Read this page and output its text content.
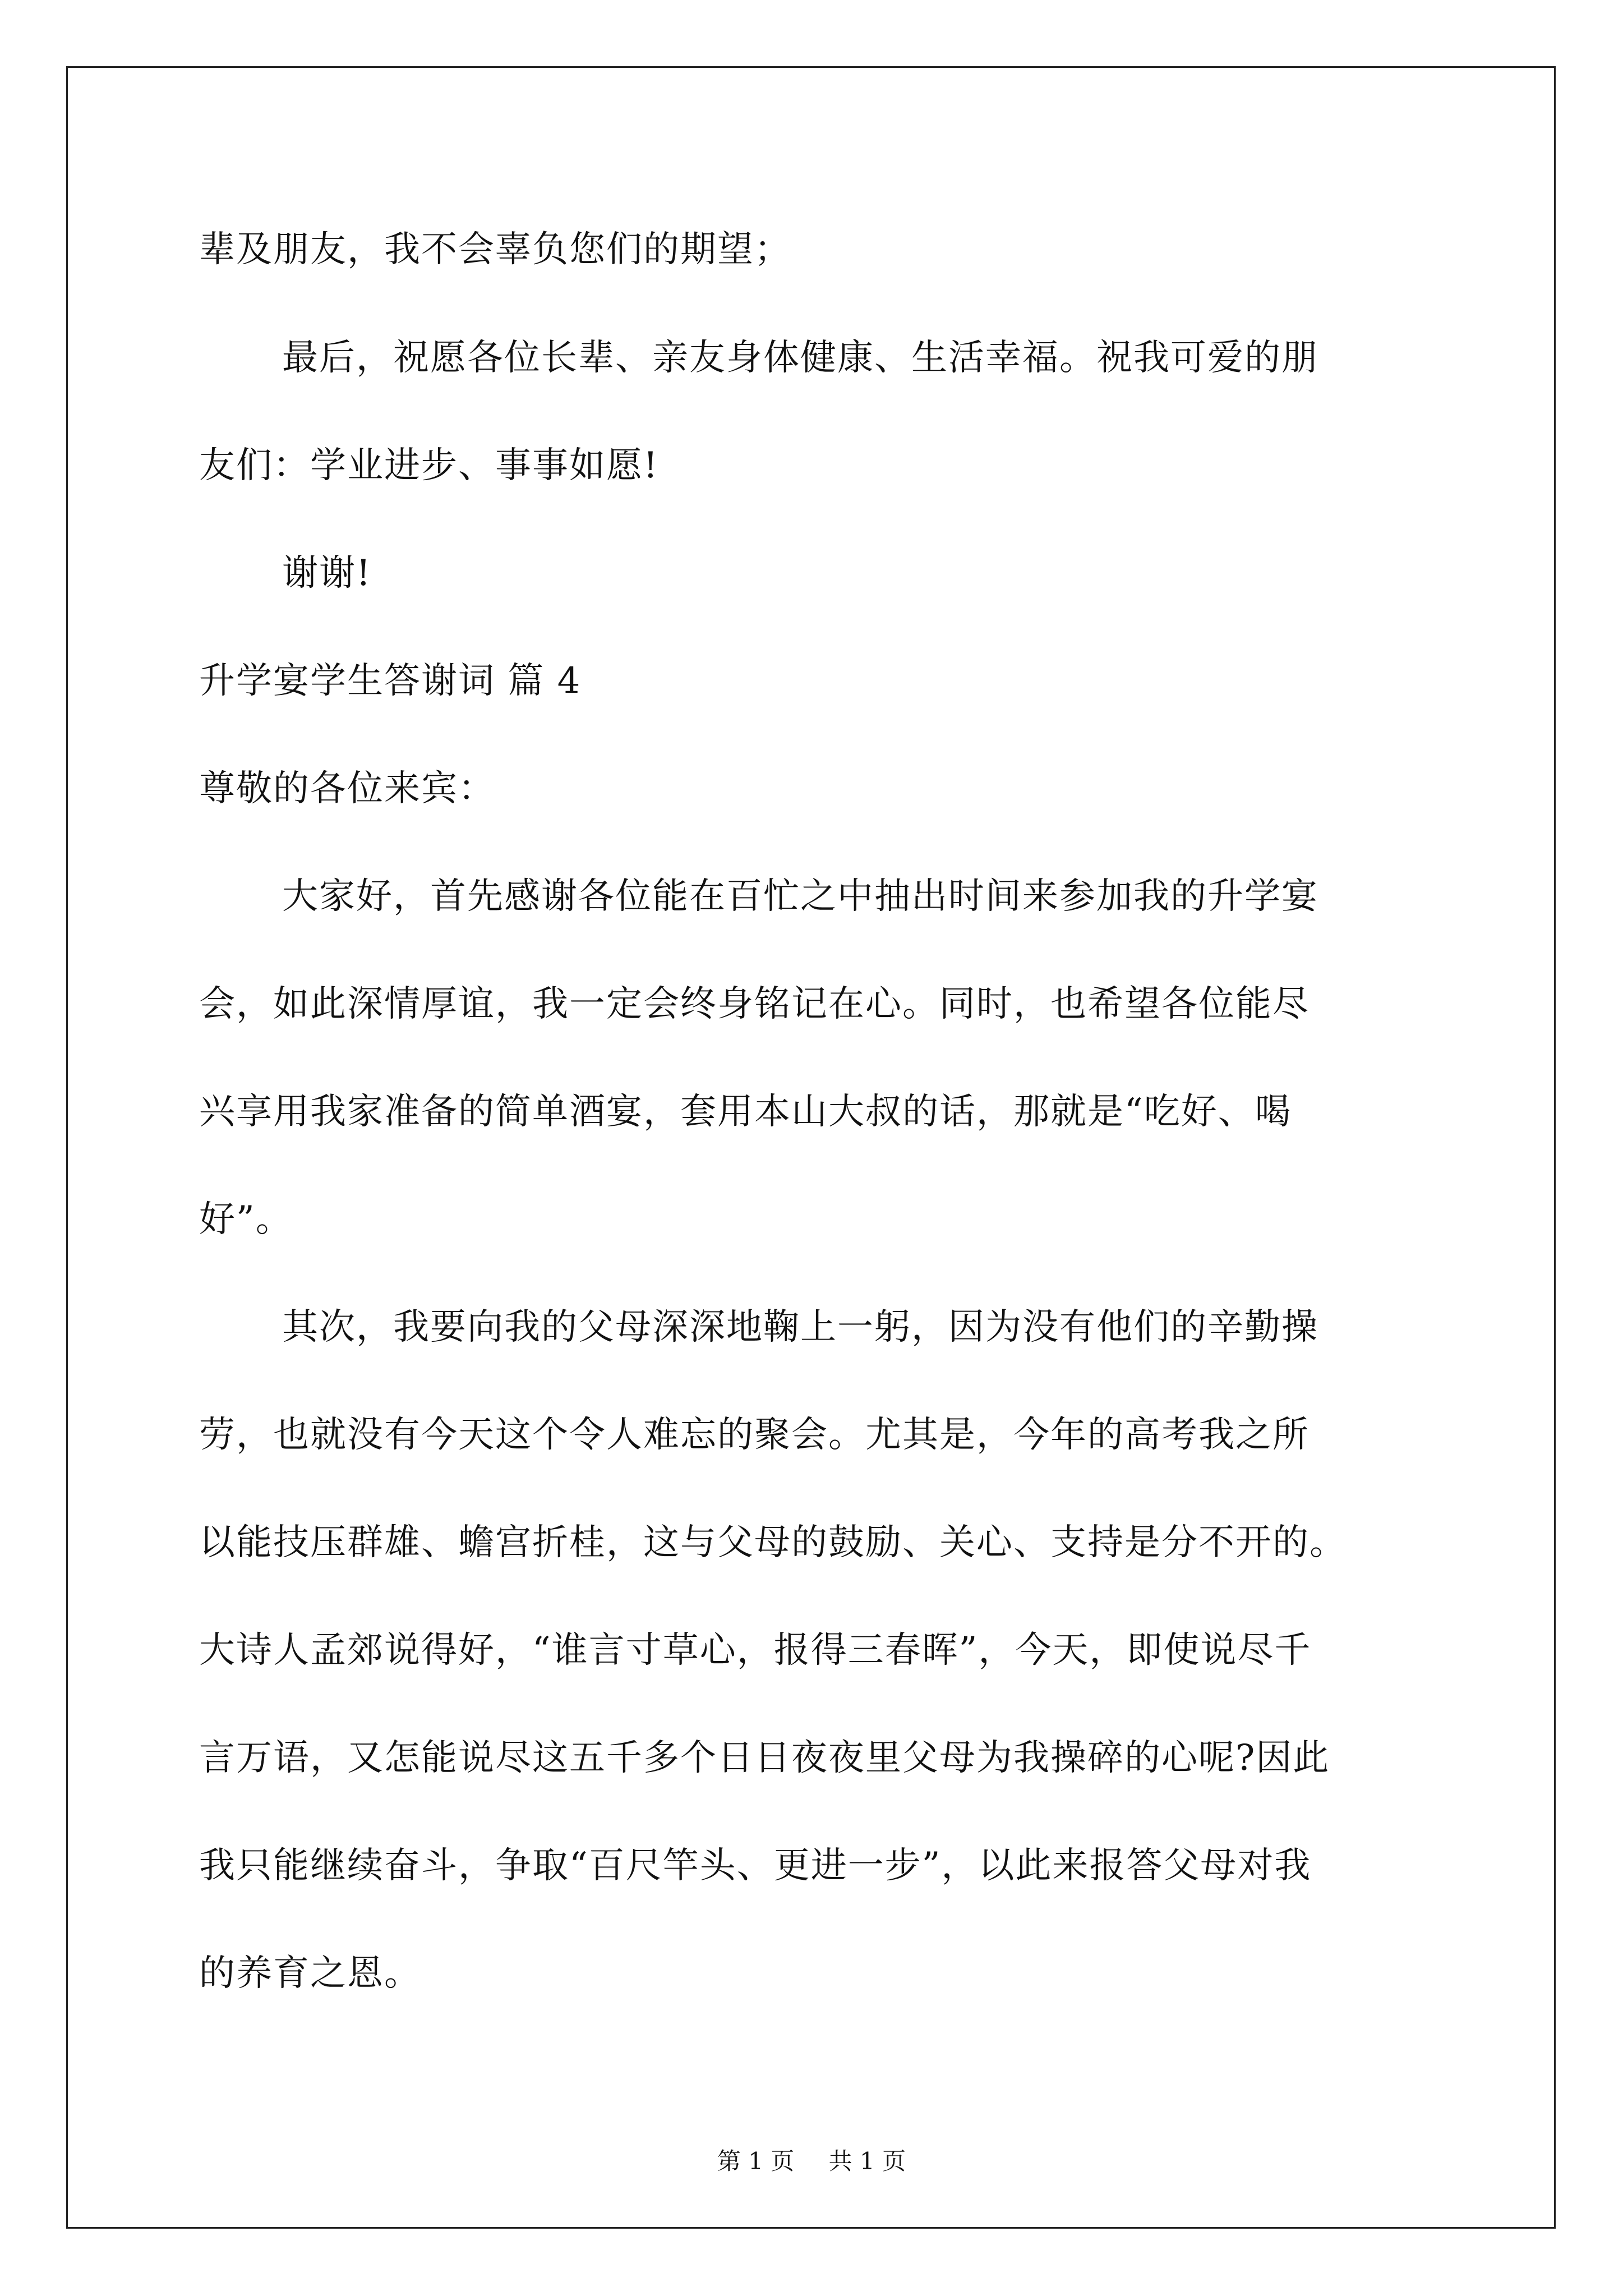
辈及朋友，我不会辜负您们的期望；
最后，祝愿各位长辈、亲友身体健康、生活幸福。祝我可爱的朋
友们：学业进步、事事如愿!
谢谢!
升学宴学生答谢词 篇 4
尊敬的各位来宾：
大家好，首先感谢各位能在百忙之中抽出时间来参加我的升学宴
会，如此深情厚谊，我一定会终身铭记在心。同时，也希望各位能尽
兴享用我家准备的简单酒宴，套用本山大叔的话，那就是“吃好、喝
好”。
其次，我要向我的父母深深地鞠上一躬，因为没有他们的辛勤操
劳，也就没有今天这个令人难忘的聚会。尤其是，今年的高考我之所
以能技压群雄、蟾宫折桂，这与父母的鼓励、关心、支持是分不开的。
大诗人孟郊说得好，“谁言寸草心，报得三春晖”，今天，即使说尽千
言万语，又怎能说尽这五千多个日日夜夜里父母为我操碎的心呢?因此
我只能继续奋斗，争取“百尺竿头、更进一步”，以此来报答父母对我
的养育之恩。
第 1 页 共 1 页
